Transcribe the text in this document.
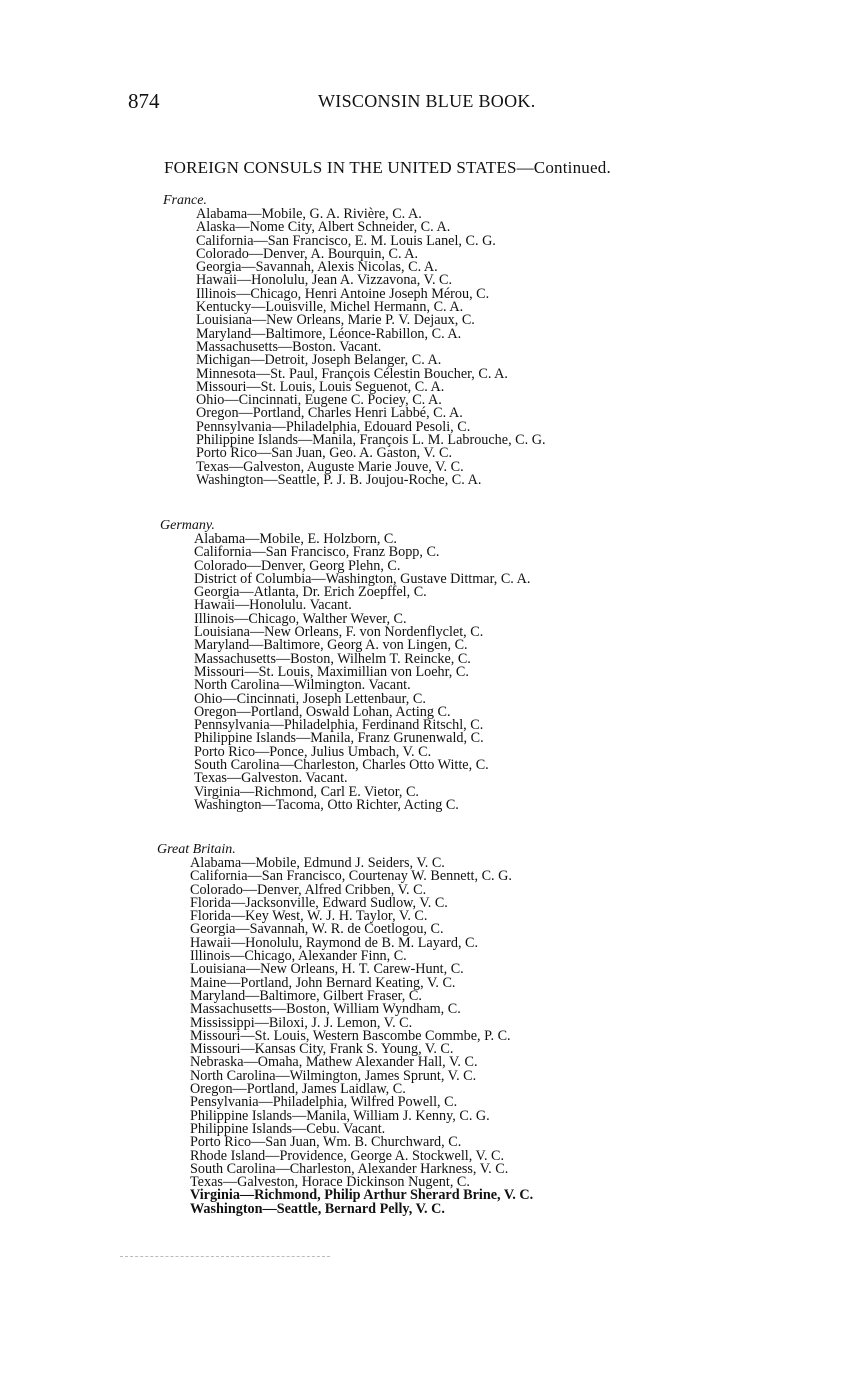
874	WISCONSIN BLUE BOOK.
FOREIGN CONSULS IN THE UNITED STATES—Continued.
France.
Alabama—Mobile, G. A. Rivière, C. A.
Alaska—Nome City, Albert Schneider, C. A.
California—San Francisco, E. M. Louis Lanel, C. G.
Colorado—Denver, A. Bourquin, C. A.
Georgia—Savannah, Alexis Nicolas, C. A.
Hawaii—Honolulu, Jean A. Vizzavona, V. C.
Illinois—Chicago, Henri Antoine Joseph Mérou, C.
Kentucky—Louisville, Michel Hermann, C. A.
Louisiana—New Orleans, Marie P. V. Dejaux, C.
Maryland—Baltimore, Léonce-Rabillon, C. A.
Massachusetts—Boston. Vacant.
Michigan—Detroit, Joseph Belanger, C. A.
Minnesota—St. Paul, François Célestin Boucher, C. A.
Missouri—St. Louis, Louis Seguenot, C. A.
Ohio—Cincinnati, Eugene C. Pociey, C. A.
Oregon—Portland, Charles Henri Labbé, C. A.
Pennsylvania—Philadelphia, Edouard Pesoli, C.
Philippine Islands—Manila, François L. M. Labrouche, C. G.
Porto Rico—San Juan, Geo. A. Gaston, V. C.
Texas—Galveston, Auguste Marie Jouve, V. C.
Washington—Seattle, P. J. B. Joujou-Roche, C. A.
Germany.
Alabama—Mobile, E. Holzborn, C.
California—San Francisco, Franz Bopp, C.
Colorado—Denver, Georg Plehn, C.
District of Columbia—Washington, Gustave Dittmar, C. A.
Georgia—Atlanta, Dr. Erich Zoepffel, C.
Hawaii—Honolulu. Vacant.
Illinois—Chicago, Walther Wever, C.
Louisiana—New Orleans, F. von Nordenflyclet, C.
Maryland—Baltimore, Georg A. von Lingen, C.
Massachusetts—Boston, Wilhelm T. Reincke, C.
Missouri—St. Louis, Maximillian von Loehr, C.
North Carolina—Wilmington. Vacant.
Ohio—Cincinnati, Joseph Lettenbaur, C.
Oregon—Portland, Oswald Lohan, Acting C.
Pennsylvania—Philadelphia, Ferdinand Ritschl, C.
Philippine Islands—Manila, Franz Grunenwald, C.
Porto Rico—Ponce, Julius Umbach, V. C.
South Carolina—Charleston, Charles Otto Witte, C.
Texas—Galveston. Vacant.
Virginia—Richmond, Carl E. Vietor, C.
Washington—Tacoma, Otto Richter, Acting C.
Great Britain.
Alabama—Mobile, Edmund J. Seiders, V. C.
California—San Francisco, Courtenay W. Bennett, C. G.
Colorado—Denver, Alfred Cribben, V. C.
Florida—Jacksonville, Edward Sudlow, V. C.
Florida—Key West, W. J. H. Taylor, V. C.
Georgia—Savannah, W. R. de Coetlogou, C.
Hawaii—Honolulu, Raymond de B. M. Layard, C.
Illinois—Chicago, Alexander Finn, C.
Louisiana—New Orleans, H. T. Carew-Hunt, C.
Maine—Portland, John Bernard Keating, V. C.
Maryland—Baltimore, Gilbert Fraser, C.
Massachusetts—Boston, William Wyndham, C.
Mississippi—Biloxi, J. J. Lemon, V. C.
Missouri—St. Louis, Western Bascombe Commbe, P. C.
Missouri—Kansas City, Frank S. Young, V. C.
Nebraska—Omaha, Mathew Alexander Hall, V. C.
North Carolina—Wilmington, James Sprunt, V. C.
Oregon—Portland, James Laidlaw, C.
Pensylvania—Philadelphia, Wilfred Powell, C.
Philippine Islands—Manila, William J. Kenny, C. G.
Philippine Islands—Cebu. Vacant.
Porto Rico—San Juan, Wm. B. Churchward, C.
Rhode Island—Providence, George A. Stockwell, V. C.
South Carolina—Charleston, Alexander Harkness, V. C.
Texas—Galveston, Horace Dickinson Nugent, C.
Virginia—Richmond, Philip Arthur Sherard Brine, V. C.
Washington—Seattle, Bernard Pelly, V. C.
